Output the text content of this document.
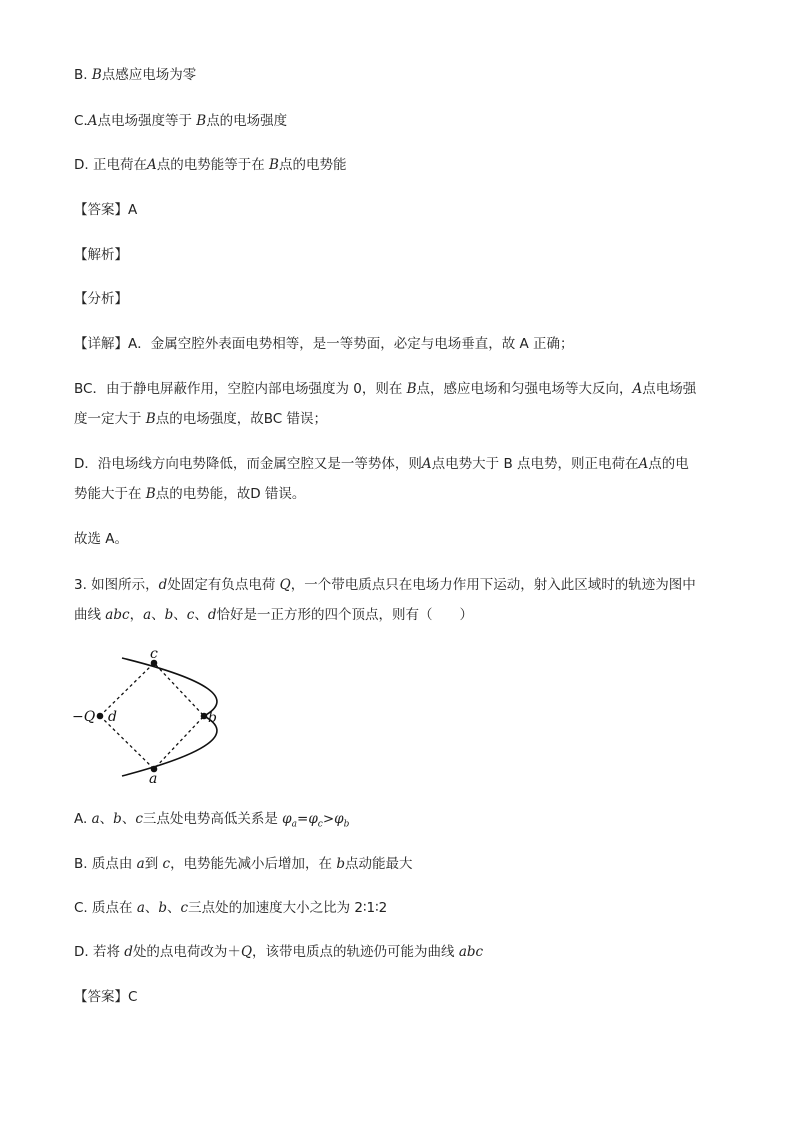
B. B点感应电场为零
C.A点电场强度等于 B点的电场强度
D. 正电荷在A点的电势能等于在 B点的电势能
【答案】A
【解析】
【分析】
【详解】A．金属空腔外表面电势相等，是一等势面，必定与电场垂直，故 A 正确；
BC．由于静电屏蔽作用，空腔内部电场强度为 0，则在 B点，感应电场和匀强电场等大反向，A点电场强
度一定大于 B点的电场强度，故BC 错误；
D．沿电场线方向电势降低，而金属空腔又是一等势体，则A点电势大于 B 点电势，则正电荷在A点的电
势能大于在 B点的电势能，故D 错误。
故选 A。
3. 如图所示，d处固定有负点电荷 Q，一个带电质点只在电场力作用下运动，射入此区域时的轨迹为图中
曲线 abc，a、b、c、d恰好是一正方形的四个顶点，则有（　　）
−Q d
c
b
a
A. a、b、c三点处电势高低关系是 $\varphi_a=\varphi_c>\varphi_b$
B. 质点由 a到 c，电势能先减小后增加，在 b点动能最大
C. 质点在 a、b、c三点处的加速度大小之比为 2∶1∶2
D. 若将 d处的点电荷改为＋Q，该带电质点的轨迹仍可能为曲线 abc
【答案】C
